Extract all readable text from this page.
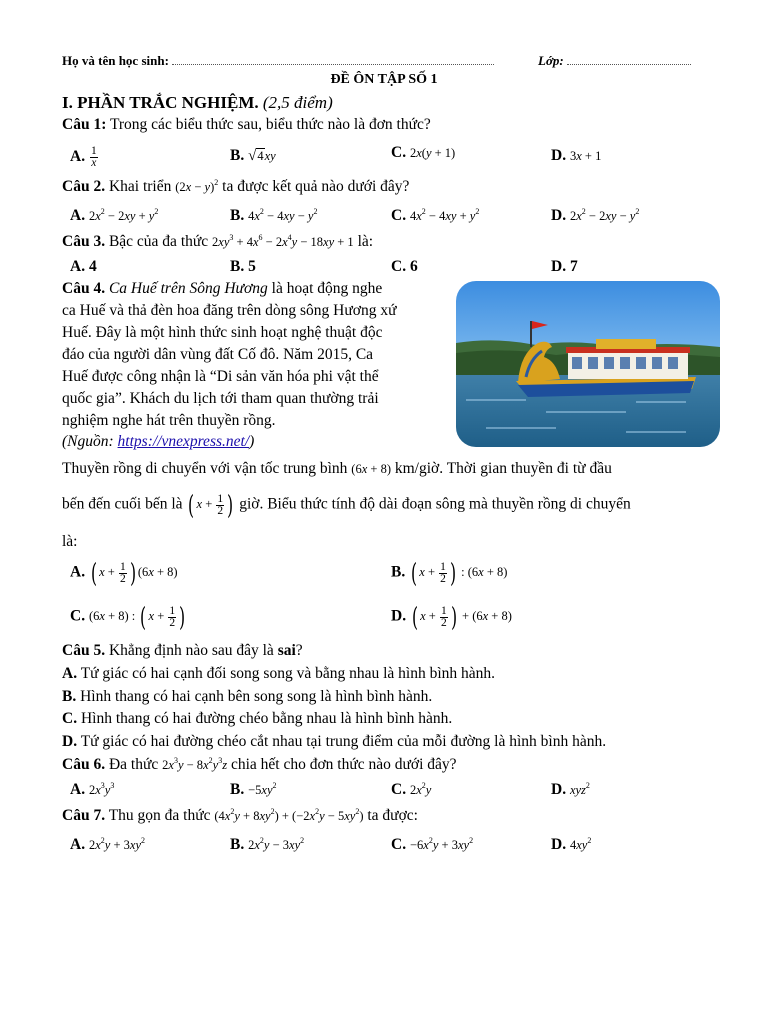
Họ và tên học sinh:	Lớp:
ĐỀ ÔN TẬP SỐ 1
I. PHẦN TRẮC NGHIỆM. (2,5 điểm)
Câu 1: Trong các biểu thức sau, biểu thức nào là đơn thức?
A. $\frac{1}{x}$	B. √4xy	C. 2x(y + 1)	D. 3x + 1
Câu 2. Khai triển $(2x - y)^2$ ta được kết quả nào dưới đây?
A. $2x^2 - 2xy + y^2$	B. $4x^2 - 4xy - y^2$	C. $4x^2 - 4xy + y^2$	D. $2x^2 - 2xy - y^2$
Câu 3. Bậc của đa thức $2xy^3 + 4x^6 - 2x^4y - 18xy + 1$ là:
A. 4	B. 5	C. 6	D. 7
Câu 4. Ca Huế trên Sông Hương là hoạt động nghe
ca Huế và thả đèn hoa đăng trên dòng sông Hương xứ
Huế. Đây là một hình thức sinh hoạt nghệ thuật độc
đáo của người dân vùng đất Cố đô. Năm 2015, Ca
Huế được công nhận là “Di sản văn hóa phi vật thể
quốc gia”. Khách du lịch tới tham quan thường trải
nghiệm nghe hát trên thuyền rồng.
(Nguồn: https://vnexpress.net/)
Thuyền rồng di chuyển với vận tốc trung bình (6x + 8) km/giờ. Thời gian thuyền đi từ đầu
bến đến cuối bến là ( $x + \frac{1}{2}$ ) giờ. Biểu thức tính độ dài đoạn sông mà thuyền rồng di chuyển
là:
A. ( $x + \frac{1}{2}$ ) (6x + 8)	B. ( $x + \frac{1}{2}$ ) : (6x + 8)
C. (6x + 8) : ( $x + \frac{1}{2}$ )	D. ( $x + \frac{1}{2}$ ) + (6x + 8)
Câu 5. Khẳng định nào sau đây là sai?
A. Tứ giác có hai cạnh đối song song và bằng nhau là hình bình hành.
B. Hình thang có hai cạnh bên song song là hình bình hành.
C. Hình thang có hai đường chéo bằng nhau là hình bình hành.
D. Tứ giác có hai đường chéo cắt nhau tại trung điểm của mỗi đường là hình bình hành.
Câu 6. Đa thức $2x^3y - 8x^2y^3z$ chia hết cho đơn thức nào dưới đây?
A. $2x^3y^3$	B. $-5xy^2$	C. $2x^2y$	D. xyz$^2$
Câu 7. Thu gọn đa thức $(4x^2y + 8xy^2) + (-2x^2y - 5xy^2)$ ta được:
A. $2x^2y + 3xy^2$	B. $2x^2y - 3xy^2$	C. $-6x^2y + 3xy^2$	D. $4xy^2$
